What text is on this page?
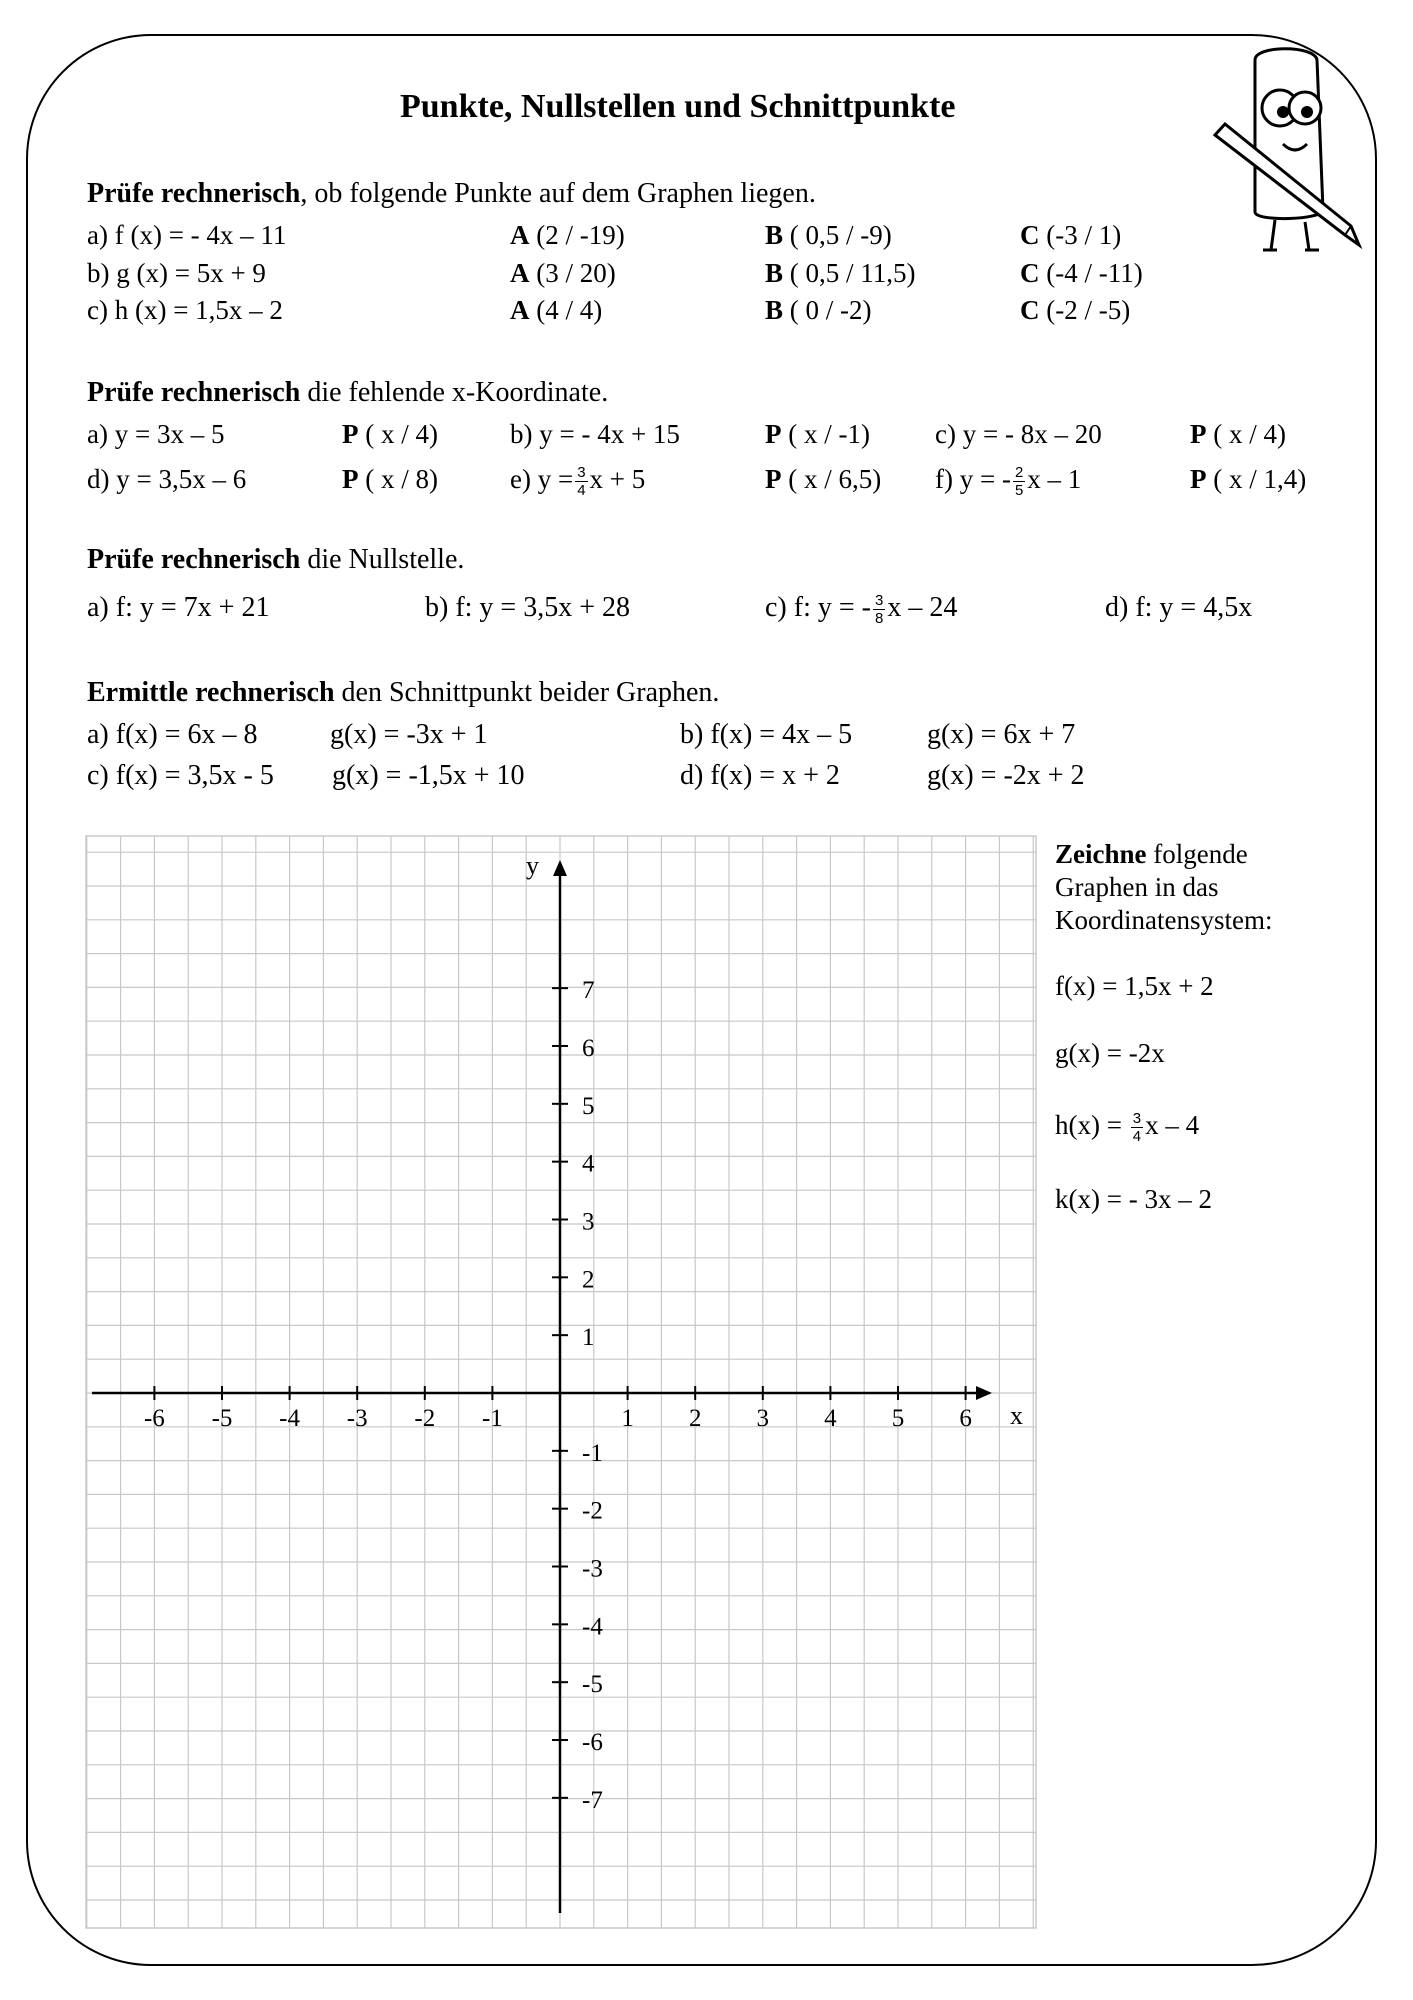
Punkte, Nullstellen und Schnittpunkte
Prüfe rechnerisch, ob folgende Punkte auf dem Graphen liegen.
a) f (x) = - 4x – 11	A (2 / -19)	B ( 0,5 / -9)	C (-3 / 1)
b) g (x) = 5x + 9	A (3 / 20)	B ( 0,5 / 11,5)	C (-4 / -11)
c) h (x) = 1,5x – 2	A (4 / 4)	B ( 0 / -2)	C (-2 / -5)
Prüfe rechnerisch die fehlende x-Koordinate.
a) y = 3x – 5	P ( x / 4)	b) y = - 4x + 15	P ( x / -1) c) y = - 8x – 20	P ( x / 4)
d) y = 3,5x – 6	P ( x / 8)	e) $y = \frac{3}{4}$ x + 5	P ( x / 6,5) f) y = - $\frac{2}{5}$ x – 1	P ( x / 1,4)
Prüfe rechnerisch die Nullstelle.
a) f: y = 7x + 21	b) f: y = 3,5x + 28	c) f: y = - $\frac{3}{8}$ x – 24	d) f: y = 4,5x
Ermittle rechnerisch den Schnittpunkt beider Graphen.
a) f(x) = 6x – 8	g(x) = -3x + 1	b) f(x) = 4x – 5	g(x) = 6x + 7
c) f(x) = 3,5x - 5 g(x) = -1,5x + 10	d) f(x) = x + 2	g(x) = -2x + 2
Zeichne folgende
Graphen in das
Koordinatensystem:
f(x) = 1,5x + 2
g(x) = -2x
$h(x) = \frac{3}{4}$ x – 4
k(x) = - 3x – 2
-6 -5 -4 -3 -2 -1	1 2 3 4 5 6
7
6
5
4
3
2
1
-1
-2
-3
-4
-5
-6
-7
x
y
